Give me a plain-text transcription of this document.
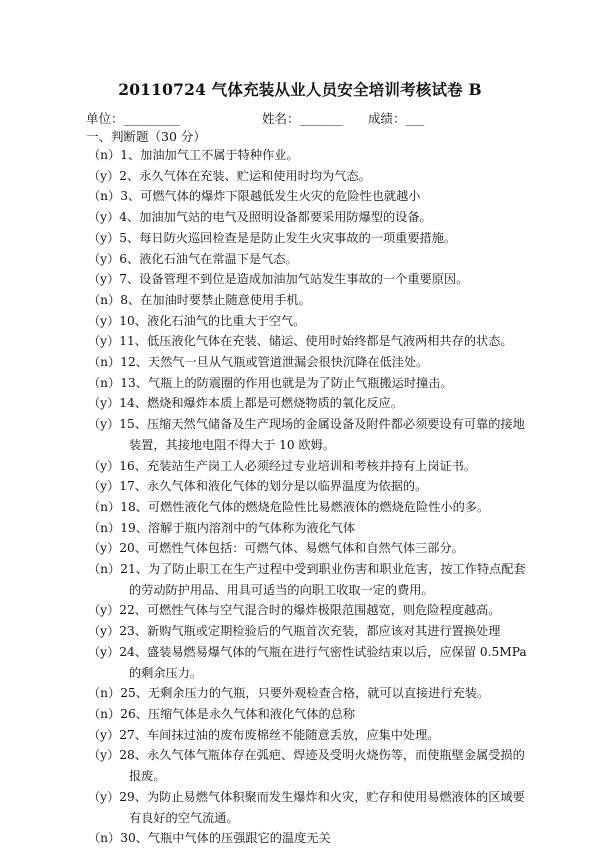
20110724 气体充装从业人员安全培训考核试卷 B
单位：_________	姓名：_______ 成绩：___
一、判断题（30 分）
（n） 1、加油加气工不属于特种作业。
（y） 2、永久气体在充装、贮运和使用时均为气态。
（n） 3、可燃气体的爆炸下限越低发生火灾的危险性也就越小
（y） 4、加油加气站的电气及照明设备都要采用防爆型的设备。
（y） 5、每日防火巡回检查是是防止发生火灾事故的一项重要措施。
（y） 6、液化石油气在常温下是气态。
（y） 7、设备管理不到位是造成加油加气站发生事故的一个重要原因。
（n） 8、在加油时要禁止随意使用手机。
（y） 10、液化石油气的比重大于空气。
（y） 11、低压液化气体在充装、储运、使用时始终都是气液两相共存的状态。
（n） 12、天然气一旦从气瓶或管道泄漏会很快沉降在低洼处。
（n） 13、气瓶上的防震圈的作用也就是为了防止气瓶搬运时撞击。
（y） 14、燃烧和爆炸本质上都是可燃烧物质的氧化反应。
（y） 15、压缩天然气储备及生产现场的金属设备及附件都必须要设有可靠的接地
装置，其接地电阻不得大于 10 欧姆。
（y） 16、充装站生产岗工人必须经过专业培训和考核并持有上岗证书。
（y） 17、永久气体和液化气体的划分是以临界温度为依据的。
（n） 18、可燃性液化气体的燃烧危险性比易燃液体的燃烧危险性小的多。
（n） 19、溶解于瓶内溶剂中的气体称为液化气体
（y） 20、可燃性气体包括：可燃气体、易燃气体和自然气体三部分。
（n） 21、为了防止职工在生产过程中受到职业伤害和职业危害，按工作特点配套
的劳动防护用品、用具可适当的向职工收取一定的费用。
（y） 22、可燃性气体与空气混合时的爆炸极限范围越宽，则危险程度越高。
（y） 23、新购气瓶或定期检验后的气瓶首次充装，都应该对其进行置换处理
（y） 24、盛装易燃易爆气体的气瓶在进行气密性试验结束以后，应保留 0.5MPa
的剩余压力。
（n） 25、无剩余压力的气瓶，只要外观检查合格，就可以直接进行充装。
（n） 26、压缩气体是永久气体和液化气体的总称
（y） 27、车间抹过油的废布废棉丝不能随意丢放，应集中处理。
（y） 28、永久气体气瓶体存在弧疤、焊迹及受明火烧伤等，而使瓶壁金属受损的
报废。
（y） 29、为防止易燃气体积聚而发生爆炸和火灾，贮存和使用易燃液体的区域要
有良好的空气流通。
（n） 30、气瓶中气体的压强跟它的温度无关
